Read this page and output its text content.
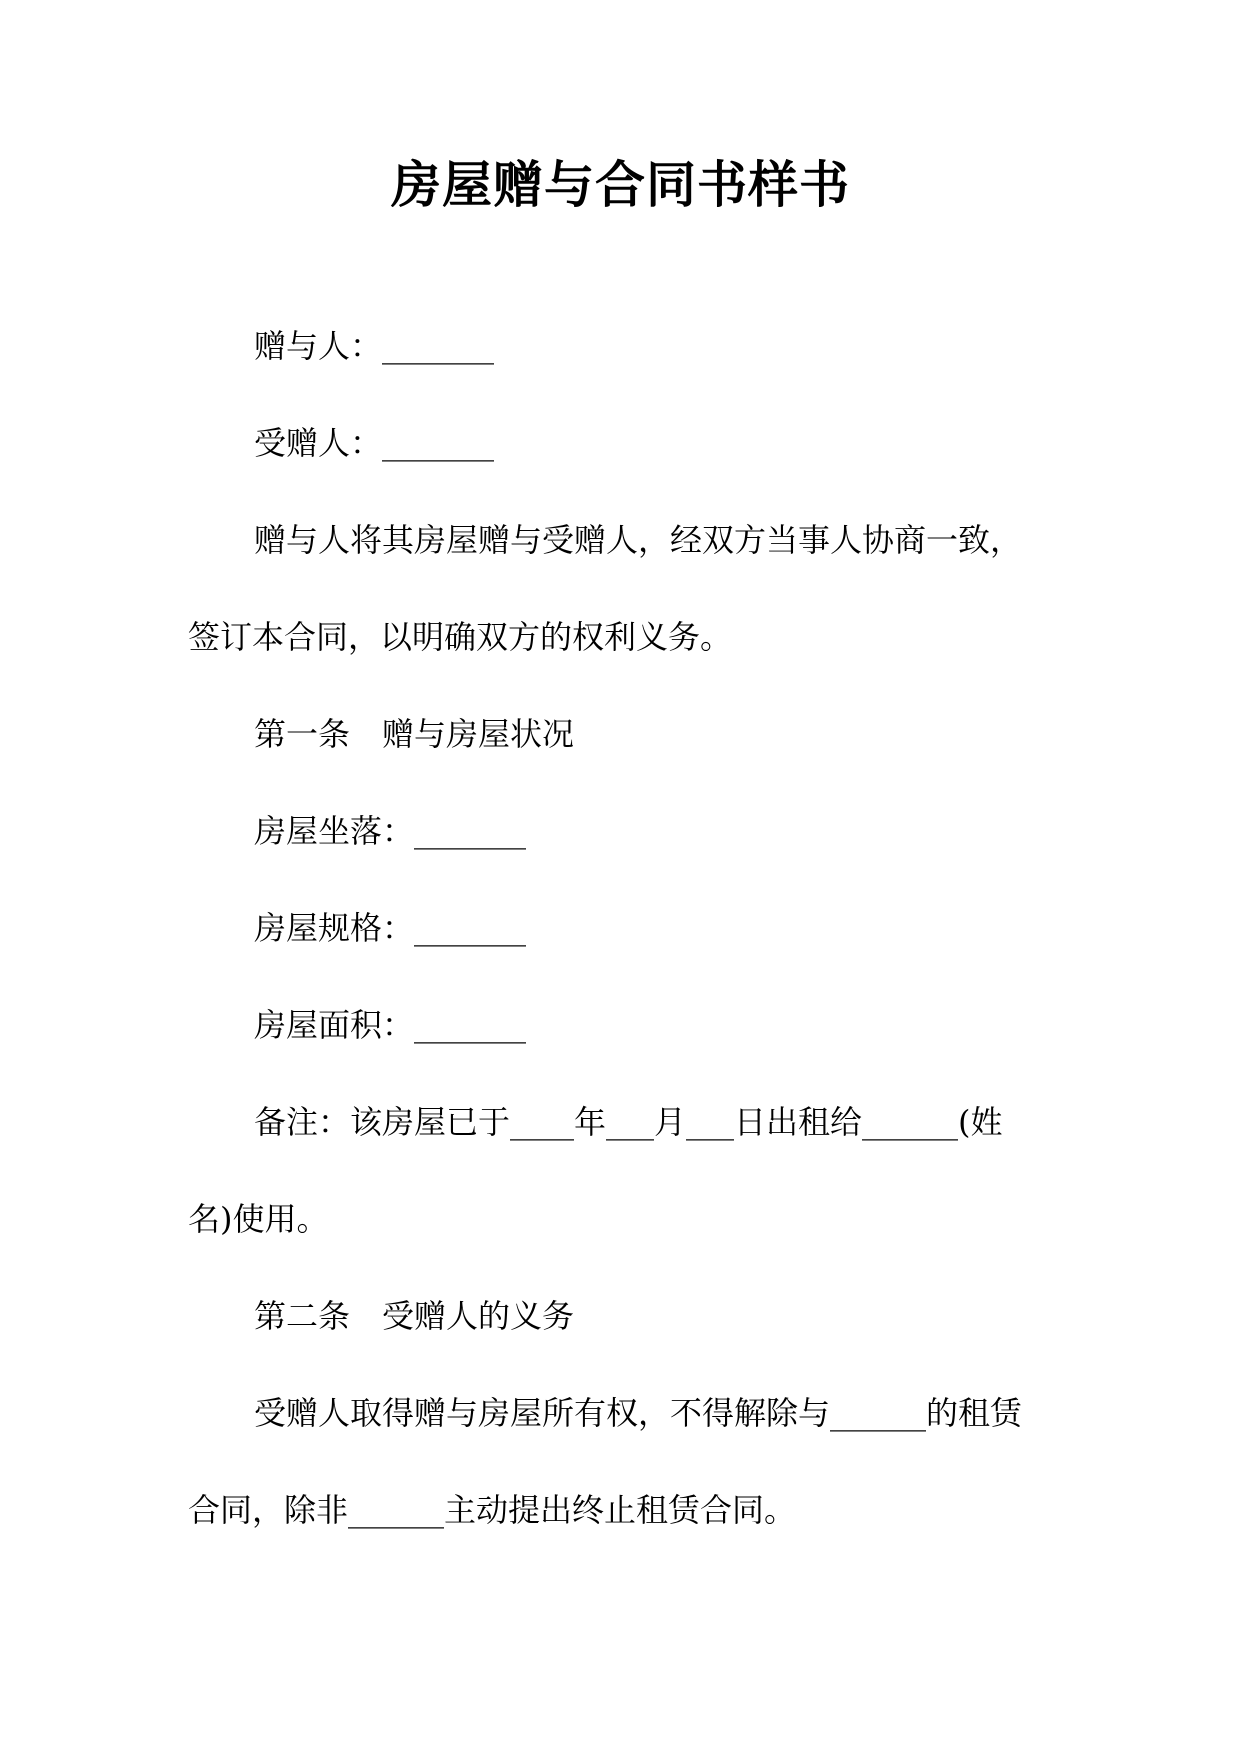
房屋赠与合同书样书

赠与人：_______

受赠人：_______

赠与人将其房屋赠与受赠人，经双方当事人协商一致，签订本合同，以明确双方的权利义务。

第一条　赠与房屋状况

房屋坐落：_______

房屋规格：_______

房屋面积：_______

备注：该房屋已于____年___月___日出租给______(姓名)使用。

第二条　受赠人的义务

受赠人取得赠与房屋所有权，不得解除与______的租赁合同，除非______主动提出终止租赁合同。
